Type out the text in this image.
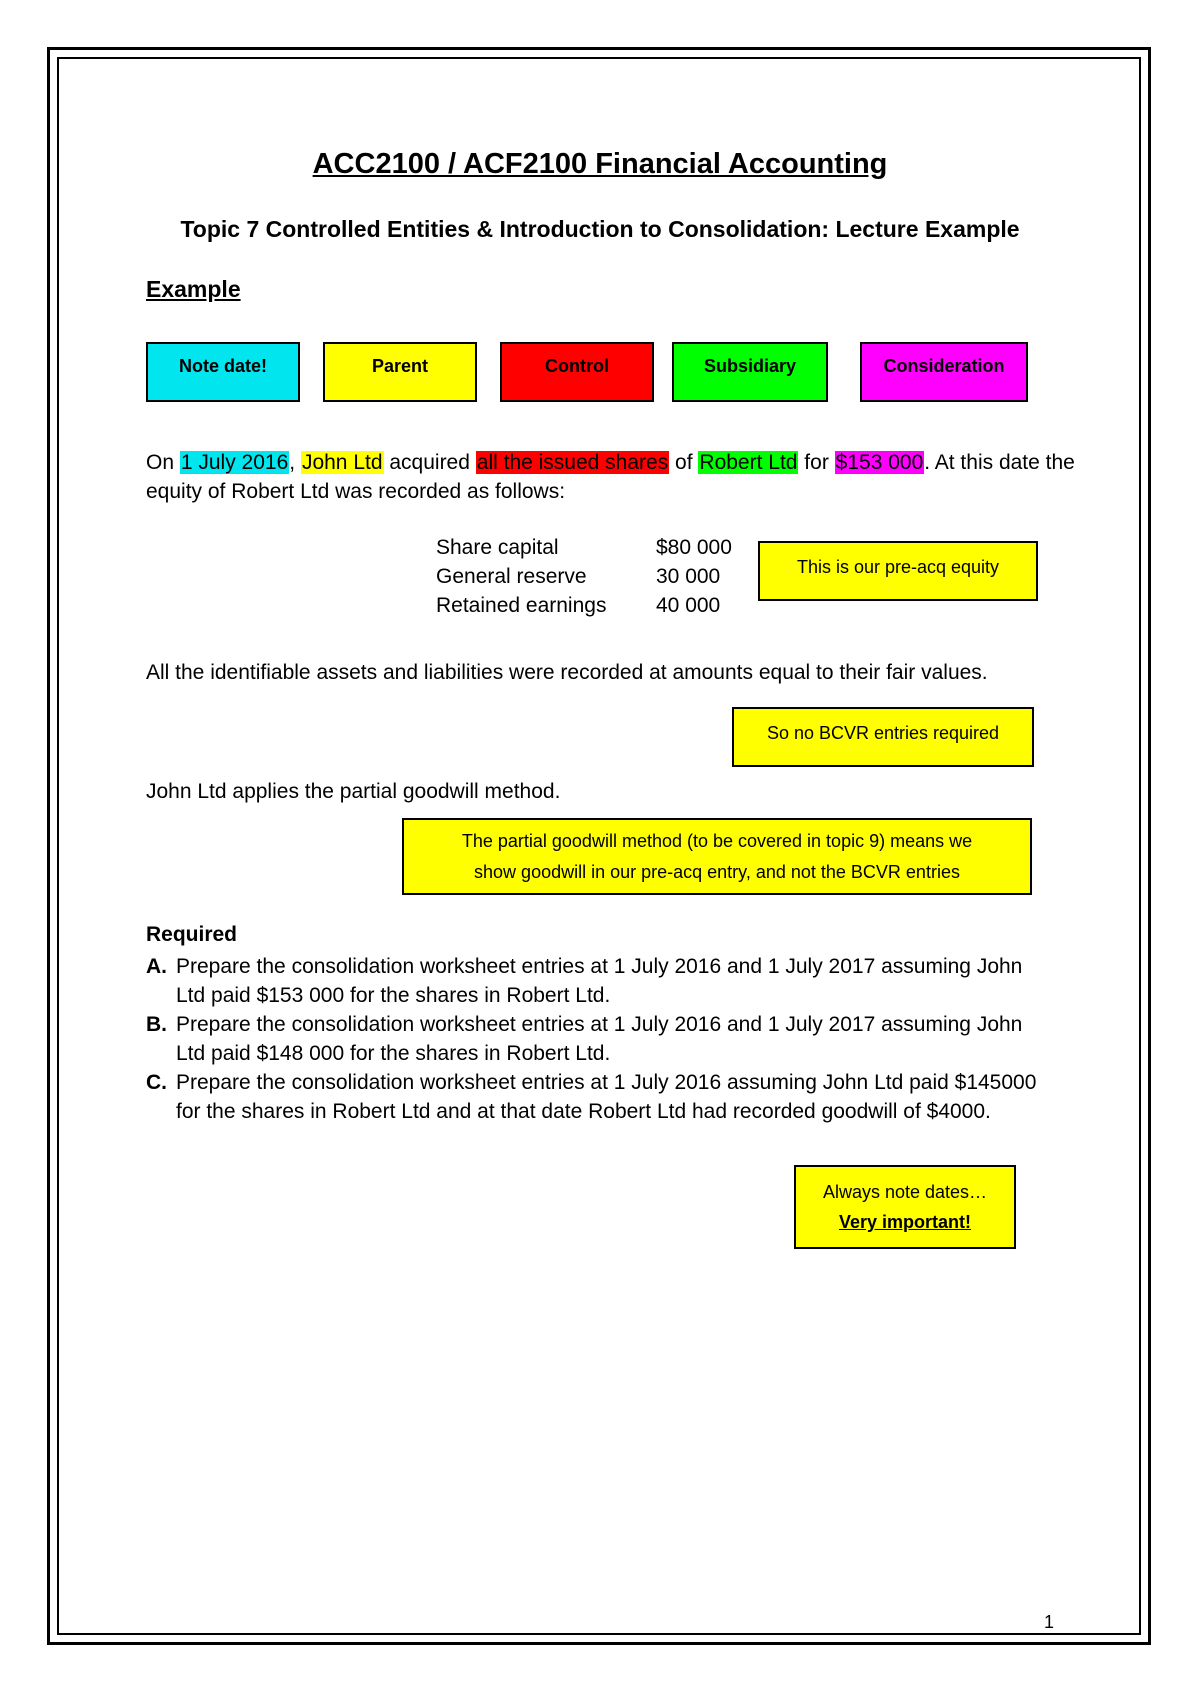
ACC2100 / ACF2100 Financial Accounting
Topic 7 Controlled Entities & Introduction to Consolidation: Lecture Example
Example
Note date!	Parent	Control	Subsidiary	Consideration
On 1 July 2016, John Ltd acquired all the issued shares of Robert Ltd for $153 000. At this date the equity of Robert Ltd was recorded as follows:
Share capital	$80 000
General reserve	30 000
Retained earnings	40 000
This is our pre-acq equity
All the identifiable assets and liabilities were recorded at amounts equal to their fair values.
So no BCVR entries required
John Ltd applies the partial goodwill method.
The partial goodwill method (to be covered in topic 9) means we
show goodwill in our pre-acq entry, and not the BCVR entries
Required
A. Prepare the consolidation worksheet entries at 1 July 2016 and 1 July 2017 assuming John Ltd paid $153 000 for the shares in Robert Ltd.
B. Prepare the consolidation worksheet entries at 1 July 2016 and 1 July 2017 assuming John Ltd paid $148 000 for the shares in Robert Ltd.
C. Prepare the consolidation worksheet entries at 1 July 2016 assuming John Ltd paid $145000 for the shares in Robert Ltd and at that date Robert Ltd had recorded goodwill of $4000.
Always note dates…
Very important!
1
